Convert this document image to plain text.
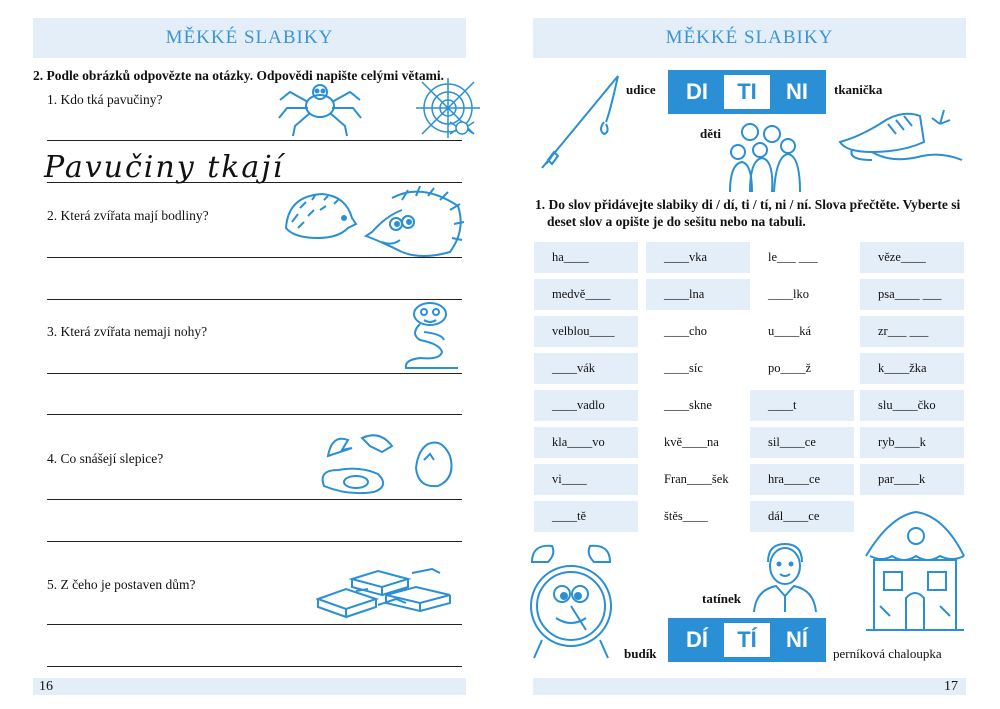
MĚKKÉ SLABIKY
2. Podle obrázků odpovězte na otázky. Odpovědi napište celými větami.
1. Kdo tká pavučiny?
2. Která zvířata mají bodliny?
3. Která zvířata nemaji nohy?
4. Co snášejí slepice?
5. Z čeho je postaven dům?
Pavučiny tkají
16
MĚKKÉ SLABIKY
DI	TI	NI
udice	tkanička
děti
1. Do slov přidávejte slabiky di / dí, ti / tí, ni / ní. Slova přečtěte. Vyberte si
deset slov a opište je do sešitu nebo na tabuli.
ha____	____vka	le___ ___	věze____
medvě____	____lna	____lko	psa____ ___
velblou____	____cho	u____ká	zr___ ___
____vák	____síc	po____ž	k____žka
____vadlo	____skne	____t	slu____čko
kla____vo	kvě____na	sil____ce	ryb____k
vi____	Fran____šek	hra____ce	par____k
____tě	štěs____	dál____ce
DÍ	TÍ	NÍ
tatínek
budík	perníková chaloupka
17
